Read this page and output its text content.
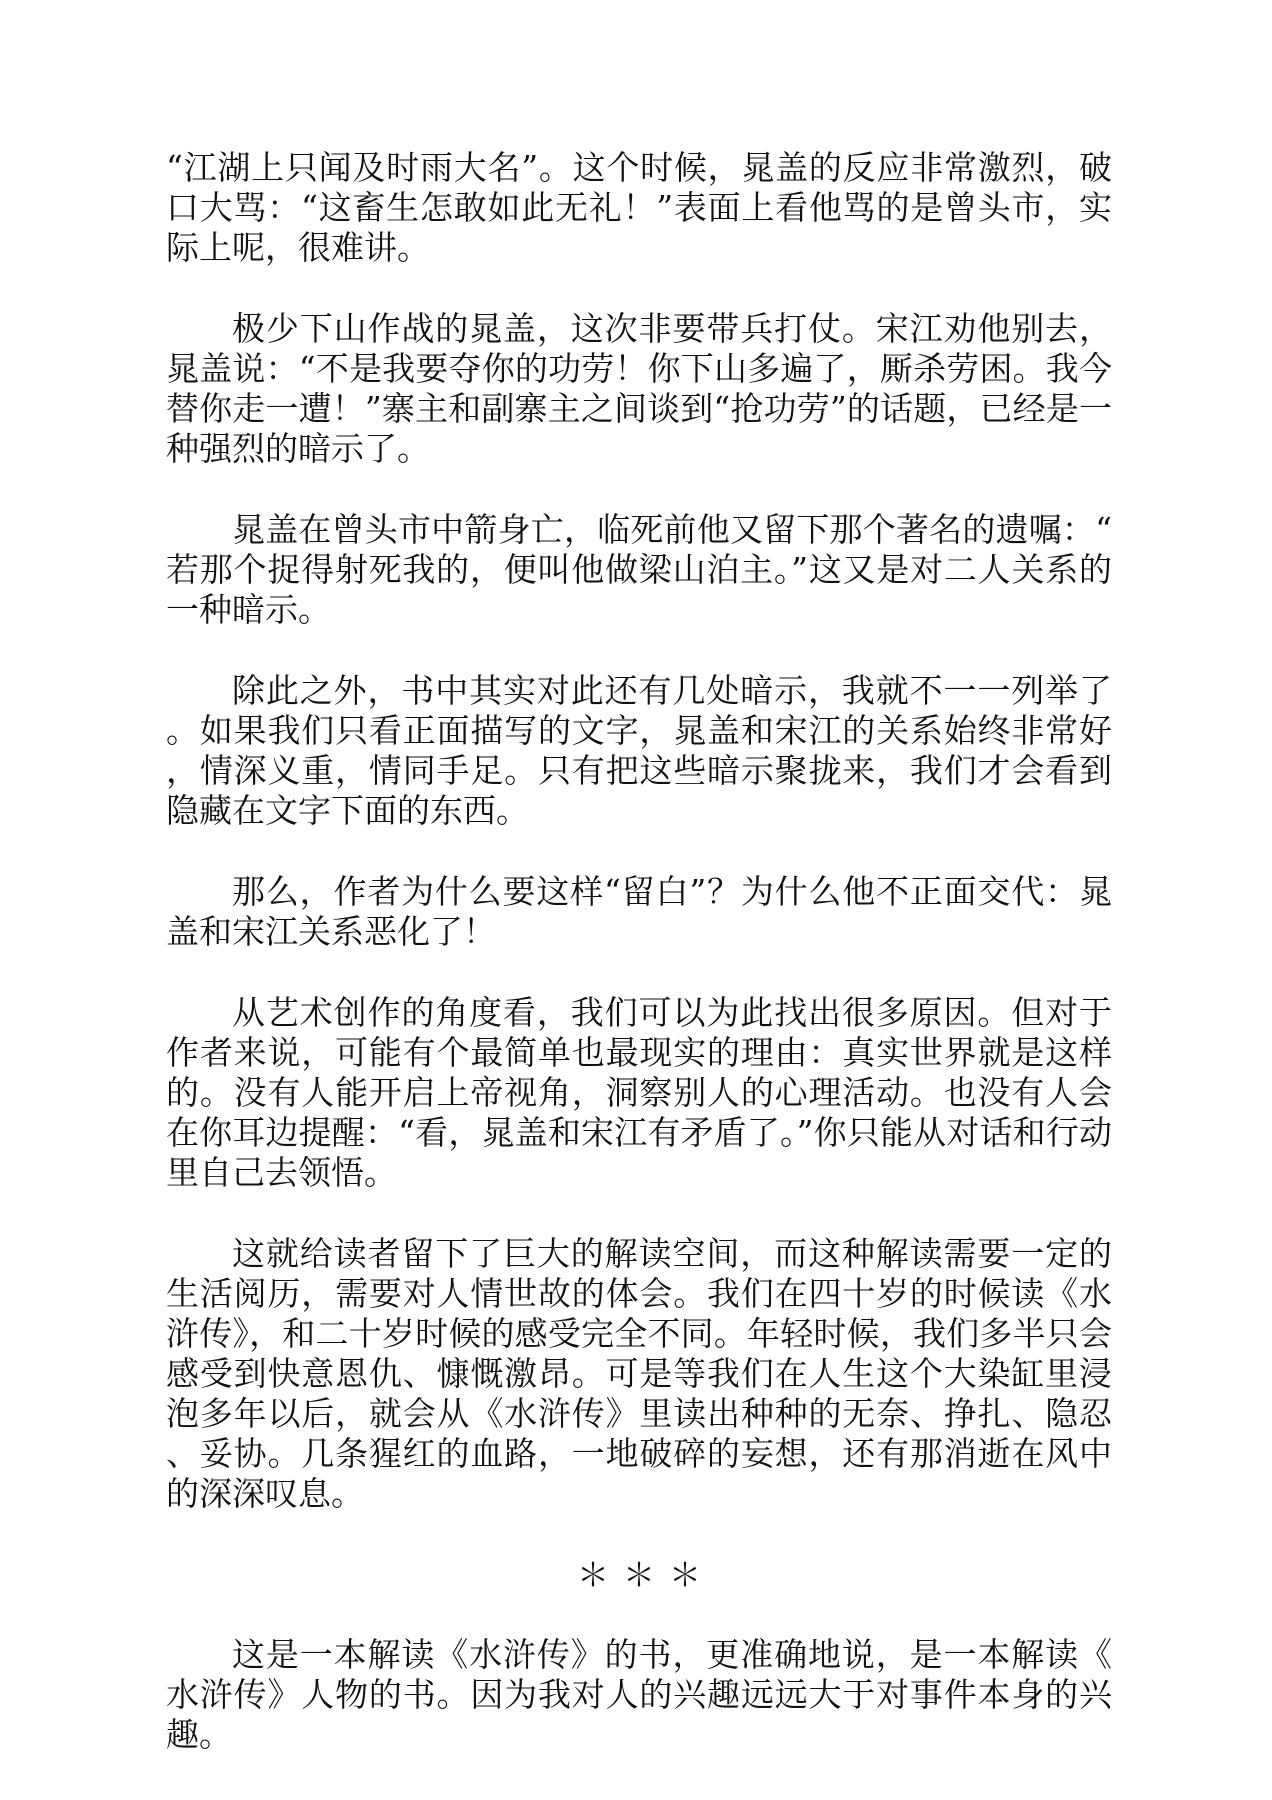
“江湖上只闻及时雨大名”。这个时候，晁盖的反应非常激烈，破口大骂：“这畜生怎敢如此无礼！”表面上看他骂的是曾头市，实际上呢，很难讲。

极少下山作战的晁盖，这次非要带兵打仗。宋江劝他别去，晁盖说：“不是我要夺你的功劳！你下山多遍了，厮杀劳困。我今替你走一遭！”寨主和副寨主之间谈到“抢功劳”的话题，已经是一种强烈的暗示了。

晁盖在曾头市中箭身亡，临死前他又留下那个著名的遗嘱：“若那个捉得射死我的，便叫他做梁山泊主。”这又是对二人关系的一种暗示。

除此之外，书中其实对此还有几处暗示，我就不一一列举了。如果我们只看正面描写的文字，晁盖和宋江的关系始终非常好，情深义重，情同手足。只有把这些暗示聚拢来，我们才会看到隐藏在文字下面的东西。

那么，作者为什么要这样“留白”？为什么他不正面交代：晁盖和宋江关系恶化了！

从艺术创作的角度看，我们可以为此找出很多原因。但对于作者来说，可能有个最简单也最现实的理由：真实世界就是这样的。没有人能开启上帝视角，洞察别人的心理活动。也没有人会在你耳边提醒：“看，晁盖和宋江有矛盾了。”你只能从对话和行动里自己去领悟。

这就给读者留下了巨大的解读空间，而这种解读需要一定的生活阅历，需要对人情世故的体会。我们在四十岁的时候读《水浒传》，和二十岁时候的感受完全不同。年轻时候，我们多半只会感受到快意恩仇、慷慨激昂。可是等我们在人生这个大染缸里浸泡多年以后，就会从《水浒传》里读出种种的无奈、挣扎、隐忍、妥协。几条猩红的血路，一地破碎的妄想，还有那消逝在风中的深深叹息。

＊＊＊

这是一本解读《水浒传》的书，更准确地说，是一本解读《水浒传》人物的书。因为我对人的兴趣远远大于对事件本身的兴趣。
